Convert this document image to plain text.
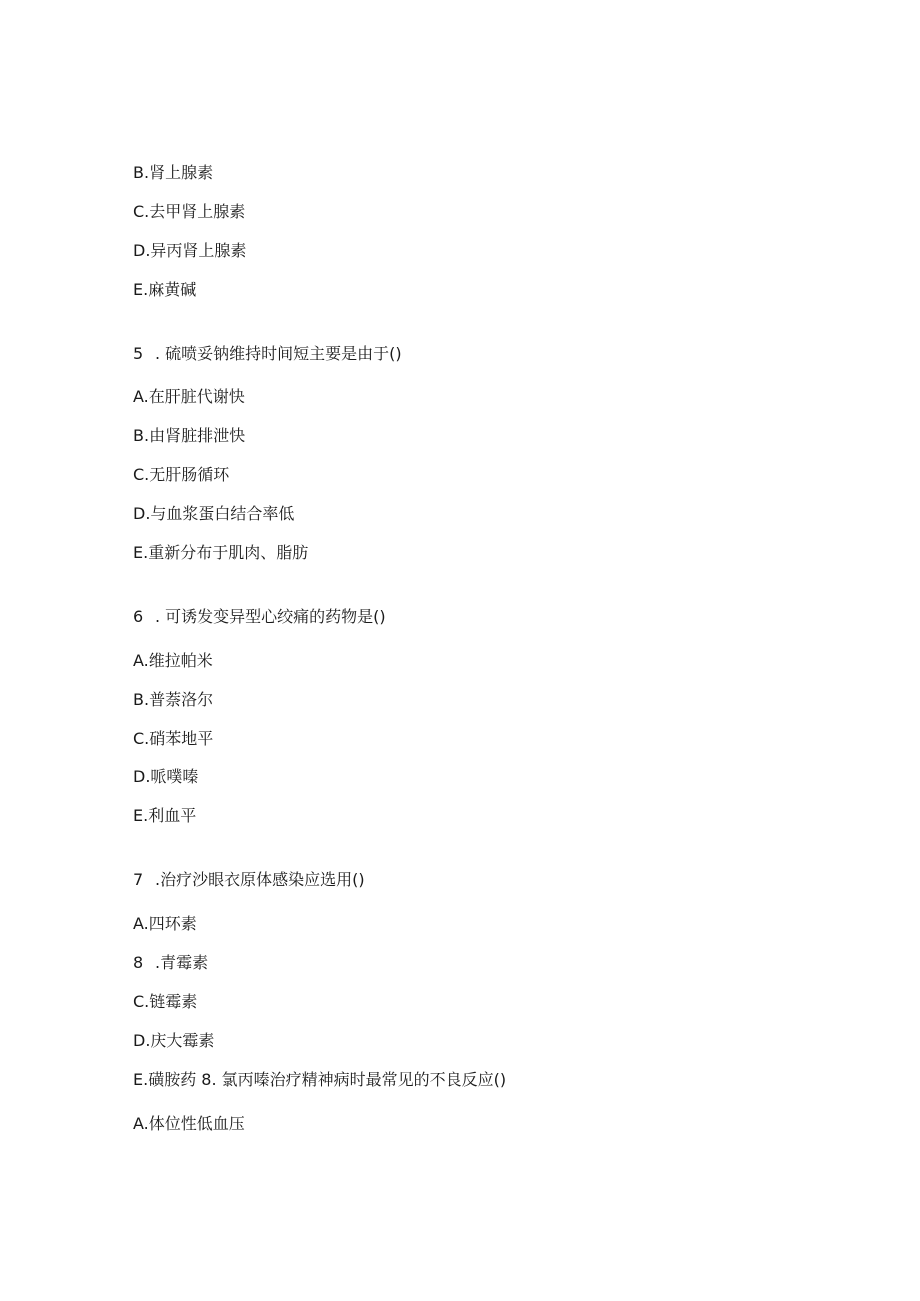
B.肾上腺素
C.去甲肾上腺素
D.异丙肾上腺素
E.麻黄碱
5 . 硫喷妥钠维持时间短主要是由于()
A.在肝脏代谢快
B.由肾脏排泄快
C.无肝肠循环
D.与血浆蛋白结合率低
E.重新分布于肌肉、脂肪
6 . 可诱发变异型心绞痛的药物是()
A.维拉帕米
B.普萘洛尔
C.硝苯地平
D.哌噗嗪
E.利血平
7 .治疗沙眼衣原体感染应选用()
A.四环素
8 .青霉素
C.链霉素
D.庆大霉素
E.磺胺药 8. 氯丙嗪治疗精神病时最常见的不良反应()
A.体位性低血压
